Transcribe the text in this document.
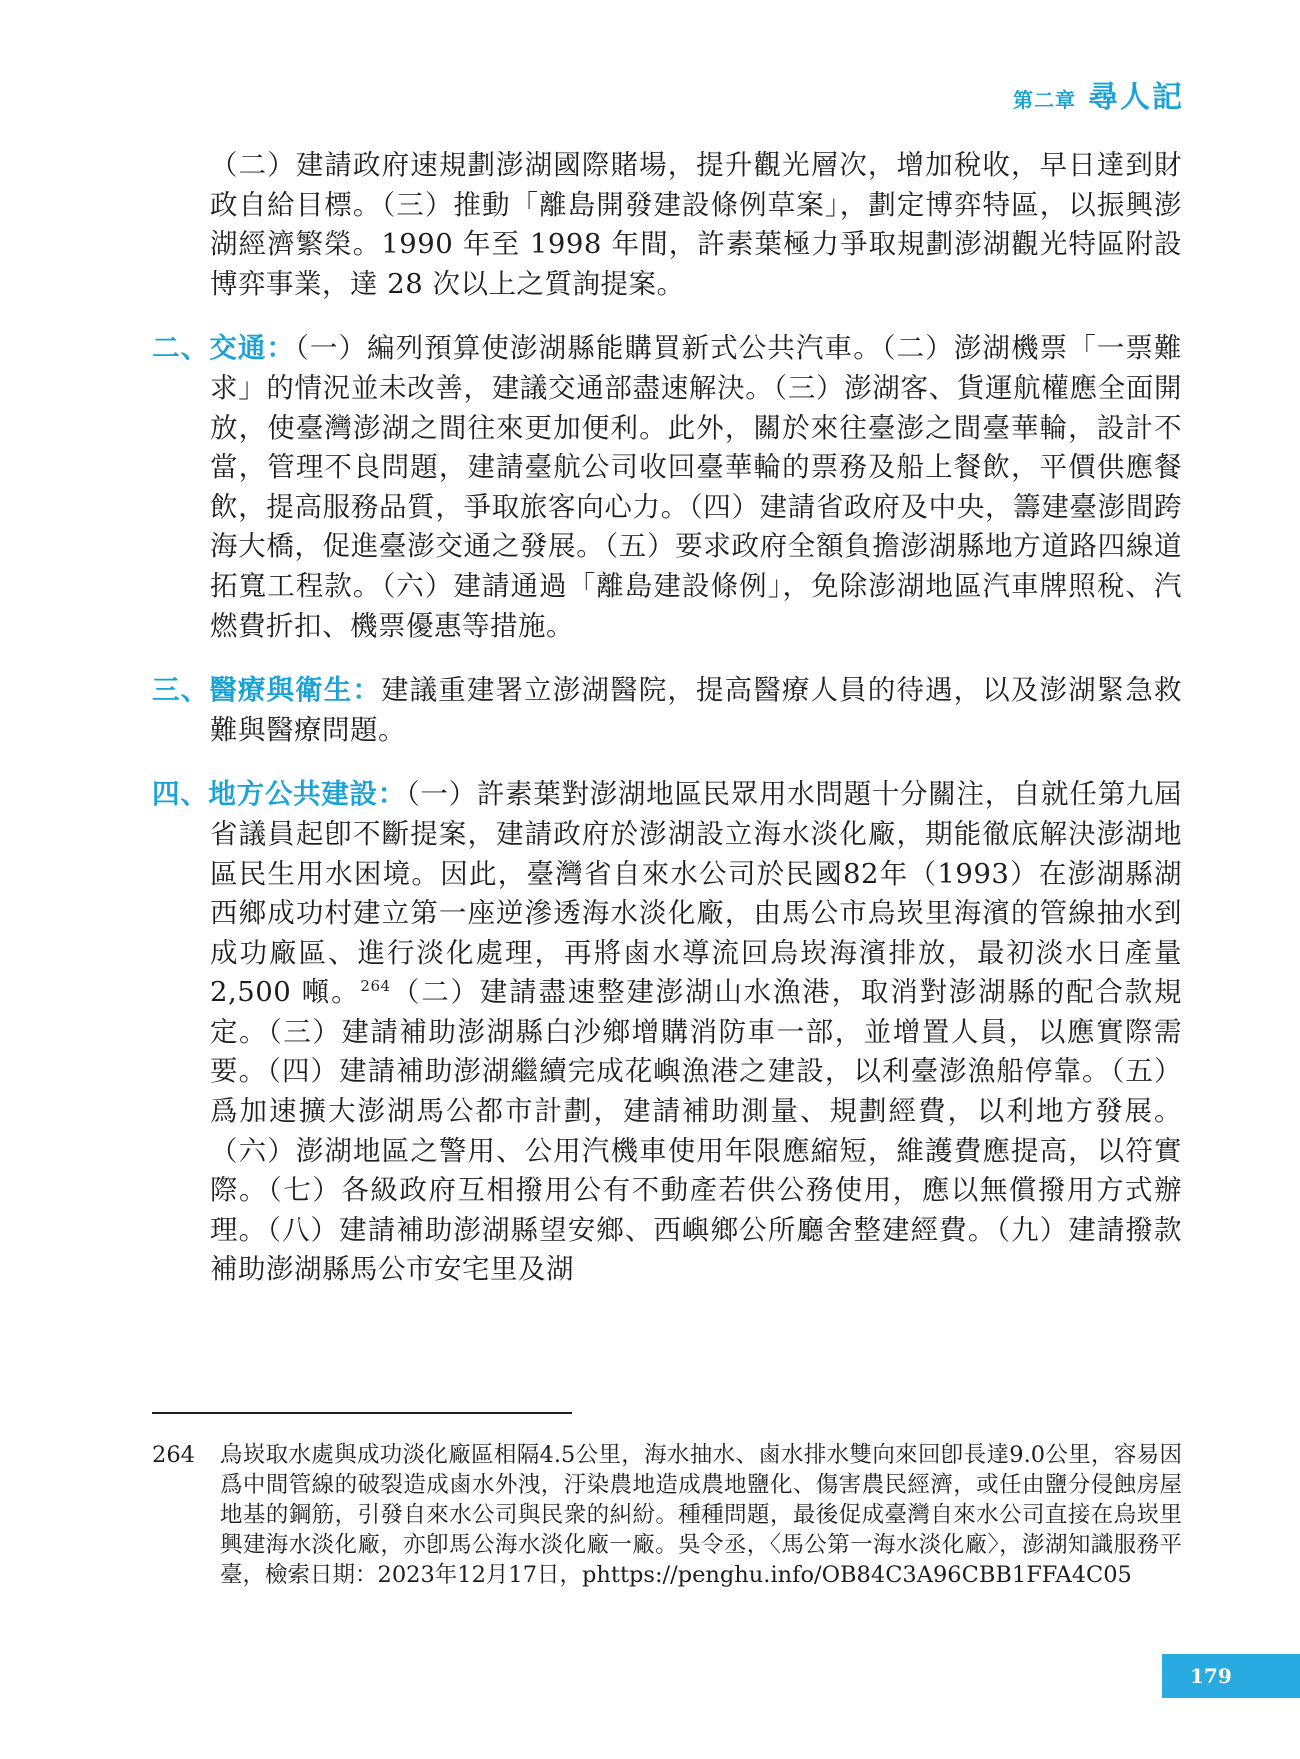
第二章 尋人記

（二）建請政府速規劃澎湖國際賭場，提升觀光層次，增加稅收，早日達到財政自給目標。（三）推動「離島開發建設條例草案」，劃定博弈特區，以振興澎湖經濟繁榮。1990 年至 1998 年間，許素葉極力爭取規劃澎湖觀光特區附設博弈事業，達 28 次以上之質詢提案。

二、交通：（一）編列預算使澎湖縣能購買新式公共汽車。（二）澎湖機票「一票難求」的情況並未改善，建議交通部盡速解決。（三）澎湖客、貨運航權應全面開放，使臺灣澎湖之間往來更加便利。此外，關於來往臺澎之間臺華輪，設計不當，管理不良問題，建請臺航公司收回臺華輪的票務及船上餐飲，平價供應餐飲，提高服務品質，爭取旅客向心力。（四）建請省政府及中央，籌建臺澎間跨海大橋，促進臺澎交通之發展。（五）要求政府全額負擔澎湖縣地方道路四線道拓寬工程款。（六）建請通過「離島建設條例」，免除澎湖地區汽車牌照稅、汽燃費折扣、機票優惠等措施。

三、醫療與衛生：建議重建署立澎湖醫院，提高醫療人員的待遇，以及澎湖緊急救難與醫療問題。

四、地方公共建設：（一）許素葉對澎湖地區民眾用水問題十分關注，自就任第九屆省議員起卽不斷提案，建請政府於澎湖設立海水淡化廠，期能徹底解決澎湖地區民生用水困境。因此，臺灣省自來水公司於民國82年（1993）在澎湖縣湖西鄉成功村建立第一座逆滲透海水淡化廠，由馬公市烏崁里海濱的管線抽水到成功廠區、進行淡化處理，再將鹵水導流回烏崁海濱排放，最初淡水日產量 2,500 噸。$^{264}$（二）建請盡速整建澎湖山水漁港，取消對澎湖縣的配合款規定。（三）建請補助澎湖縣白沙鄉增購消防車一部，並增置人員，以應實際需要。（四）建請補助澎湖繼續完成花嶼漁港之建設，以利臺澎漁船停靠。（五）爲加速擴大澎湖馬公都市計劃，建請補助測量、規劃經費，以利地方發展。（六）澎湖地區之警用、公用汽機車使用年限應縮短，維護費應提高，以符實際。（七）各級政府互相撥用公有不動產若供公務使用，應以無償撥用方式辦理。（八）建請補助澎湖縣望安鄉、西嶼鄉公所廳舍整建經費。（九）建請撥款補助澎湖縣馬公市安宅里及湖

264 烏崁取水處與成功淡化廠區相隔4.5公里，海水抽水、鹵水排水雙向來回卽長達9.0公里，容易因爲中間管線的破裂造成鹵水外洩，汙染農地造成農地鹽化、傷害農民經濟，或任由鹽分侵蝕房屋地基的鋼筋，引發自來水公司與民衆的糾紛。種種問題，最後促成臺灣自來水公司直接在烏崁里興建海水淡化廠，亦卽馬公海水淡化廠一廠。吳令丞，〈馬公第一海水淡化廠〉，澎湖知識服務平臺，檢索日期：2023年12月17日，phttps://penghu.info/OB84C3A96CBB1FFA4C05
179
